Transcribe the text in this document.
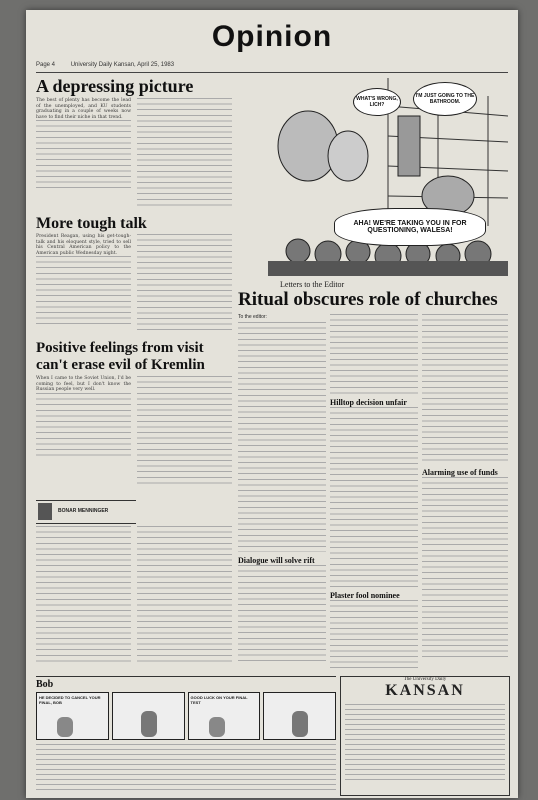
Opinion
Page 4	University Daily Kansan, April 25, 1983
A depressing picture

The best of plenty has become the lead of the unemployed, and KU students graduating in a couple of weeks now have to find their niche in that trend.

More tough talk

President Reagan, using his get-tough-talk and his eloquent style, tried to sell his Central American policy to the American public Wednesday night.

Positive feelings from visit can't erase evil of Kremlin

When I came to the Soviet Union, I'd be coming to feel, but I don't know the Russian people very well.

BONAR MENNINGER
WHAT'S WRONG, LICH?
I'M JUST GOING TO THE BATHROOM.
AHA! WE'RE TAKING YOU IN FOR QUESTIONING, WALESA!
Letters to the Editor
Ritual obscures role of churches
To the editor:
Dialogue will solve rift
Hilltop decision unfair
Plaster fool nominee
Alarming use of funds
Bob
HE DECIDED TO CANCEL YOUR FINAL, BOB
GOOD LUCK ON YOUR FINAL TEST
The University Daily
KANSAN
